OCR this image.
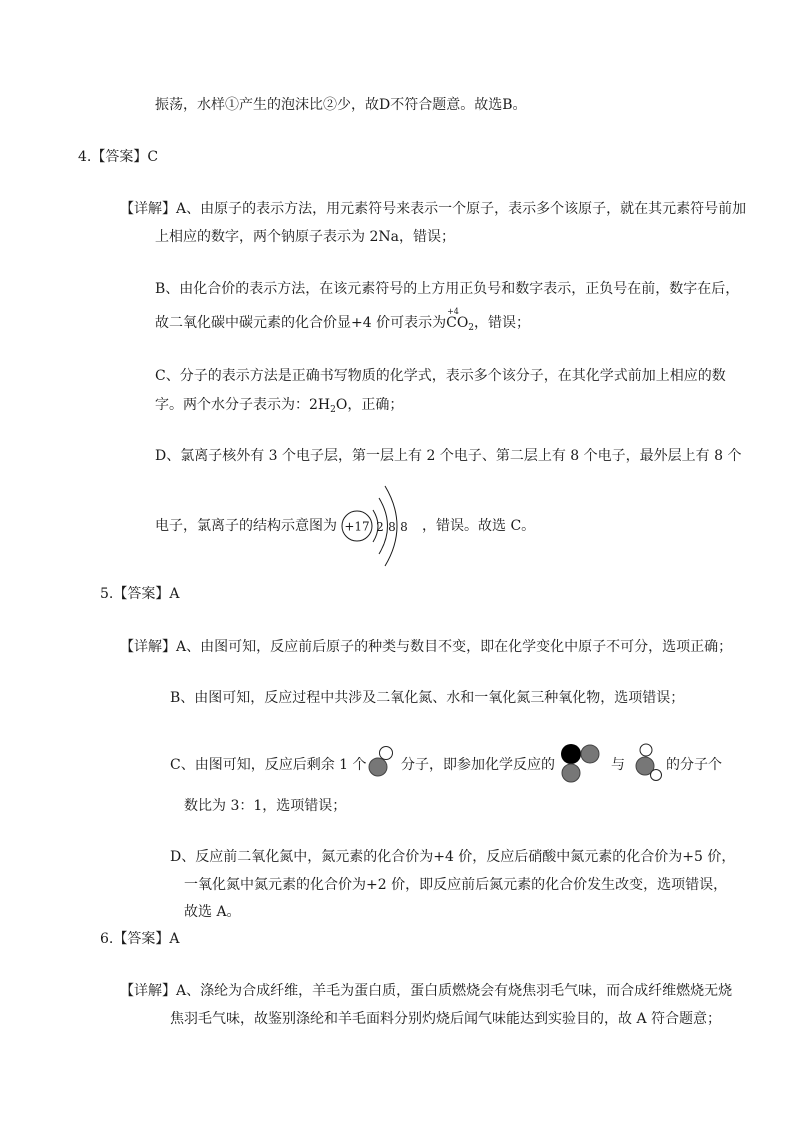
振荡，水样①产生的泡沫比②少，故D不符合题意。故选B。
4.【答案】C
【详解】A、由原子的表示方法，用元素符号来表示一个原子，表示多个该原子，就在其元素符号前加
上相应的数字，两个钠原子表示为 2Na，错误；
B、由化合价的表示方法，在该元素符号的上方用正负号和数字表示，正负号在前，数字在后，
故二氧化碳中碳元素的化合价显+4 价可表示为
+4
$CO_2$，错误；
C、分子的表示方法是正确书写物质的化学式，表示多个该分子，在其化学式前加上相应的数
字。两个水分子表示为：$2H_2O$，正确；
D、氯离子核外有 3 个电子层，第一层上有 2 个电子、第二层上有 8 个电子，最外层上有 8 个
电子，氯离子的结构示意图为 +17 2 8 8 ，错误。故选 C。
5.【答案】A
【详解】A、由图可知，反应前后原子的种类与数目不变，即在化学变化中原子不可分，选项正确；
B、由图可知，反应过程中共涉及二氧化氮、水和一氧化氮三种氧化物，选项错误；
C、由图可知，反应后剩余 1 个 分子，即参加化学反应的	与	的分子个
数比为 3：1，选项错误；
D、反应前二氧化氮中，氮元素的化合价为+4 价，反应后硝酸中氮元素的化合价为+5 价，
一氧化氮中氮元素的化合价为+2 价，即反应前后氮元素的化合价发生改变，选项错误，
故选 A。
6.【答案】A
【详解】A、涤纶为合成纤维，羊毛为蛋白质，蛋白质燃烧会有烧焦羽毛气味，而合成纤维燃烧无烧
焦羽毛气味，故鉴别涤纶和羊毛面料分别灼烧后闻气味能达到实验目的，故 A 符合题意；
